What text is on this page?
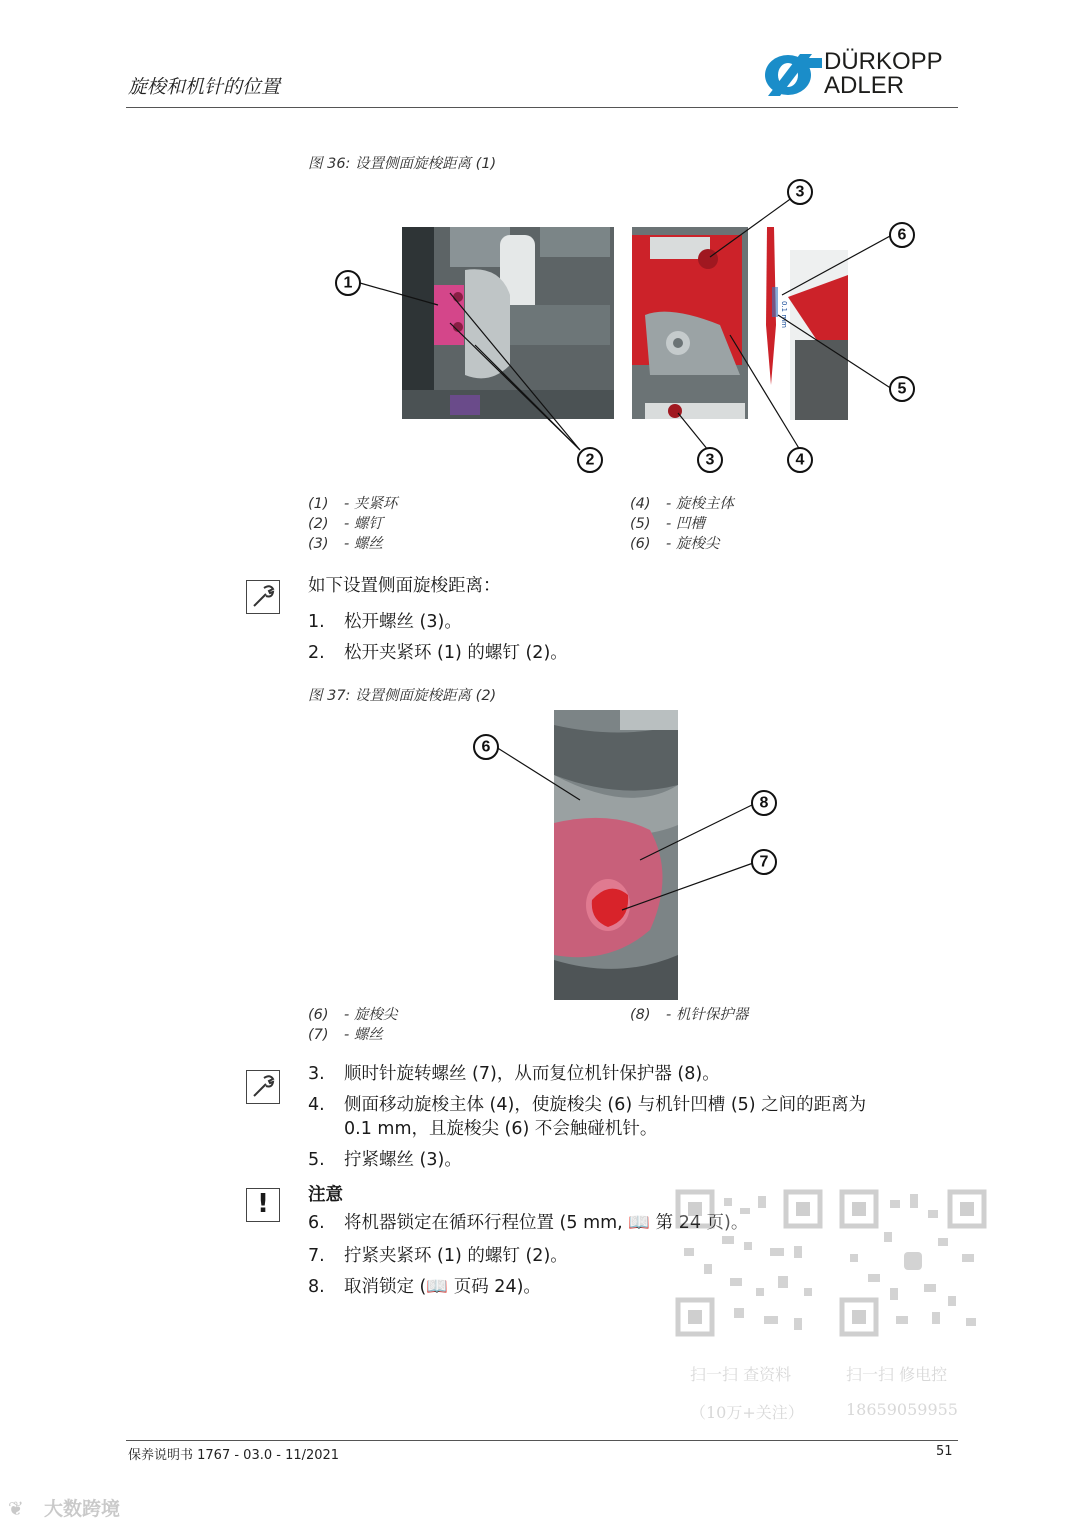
旋梭和机针的位置
DÜRKOPP
ADLER
图 36: 设置侧面旋梭距离 (1)
0.1 mm
1
2
3
3	4
5
6
(1) - 夹紧环
(2) - 螺钉
(3) - 螺丝
(4) - 旋梭主体
(5) - 凹槽
(6) - 旋梭尖
如下设置侧面旋梭距离：
1. 松开螺丝 (3)。
2. 松开夹紧环 (1) 的螺钉 (2)。
图 37: 设置侧面旋梭距离 (2)
6
8
7
(6) - 旋梭尖
(7) - 螺丝
(8) - 机针保护器
3. 顺时针旋转螺丝 (7)，从而复位机针保护器 (8)。
4. 侧面移动旋梭主体 (4)，使旋梭尖 (6) 与机针凹槽 (5) 之间的距离为
0.1 mm，且旋梭尖 (6) 不会触碰机针。
5. 拧紧螺丝 (3)。
!	注意
6. 将机器锁定在循环行程位置 (5 mm, 📖 第 24 页)。
7. 拧紧夹紧环 (1) 的螺钉 (2)。
8. 取消锁定 (📖 页码 24)。
扫一扫 查资料
（10万+关注）
扫一扫 修电控
18659059955
保养说明书 1767 - 03.0 - 11/2021	51
❦ 大数跨境
